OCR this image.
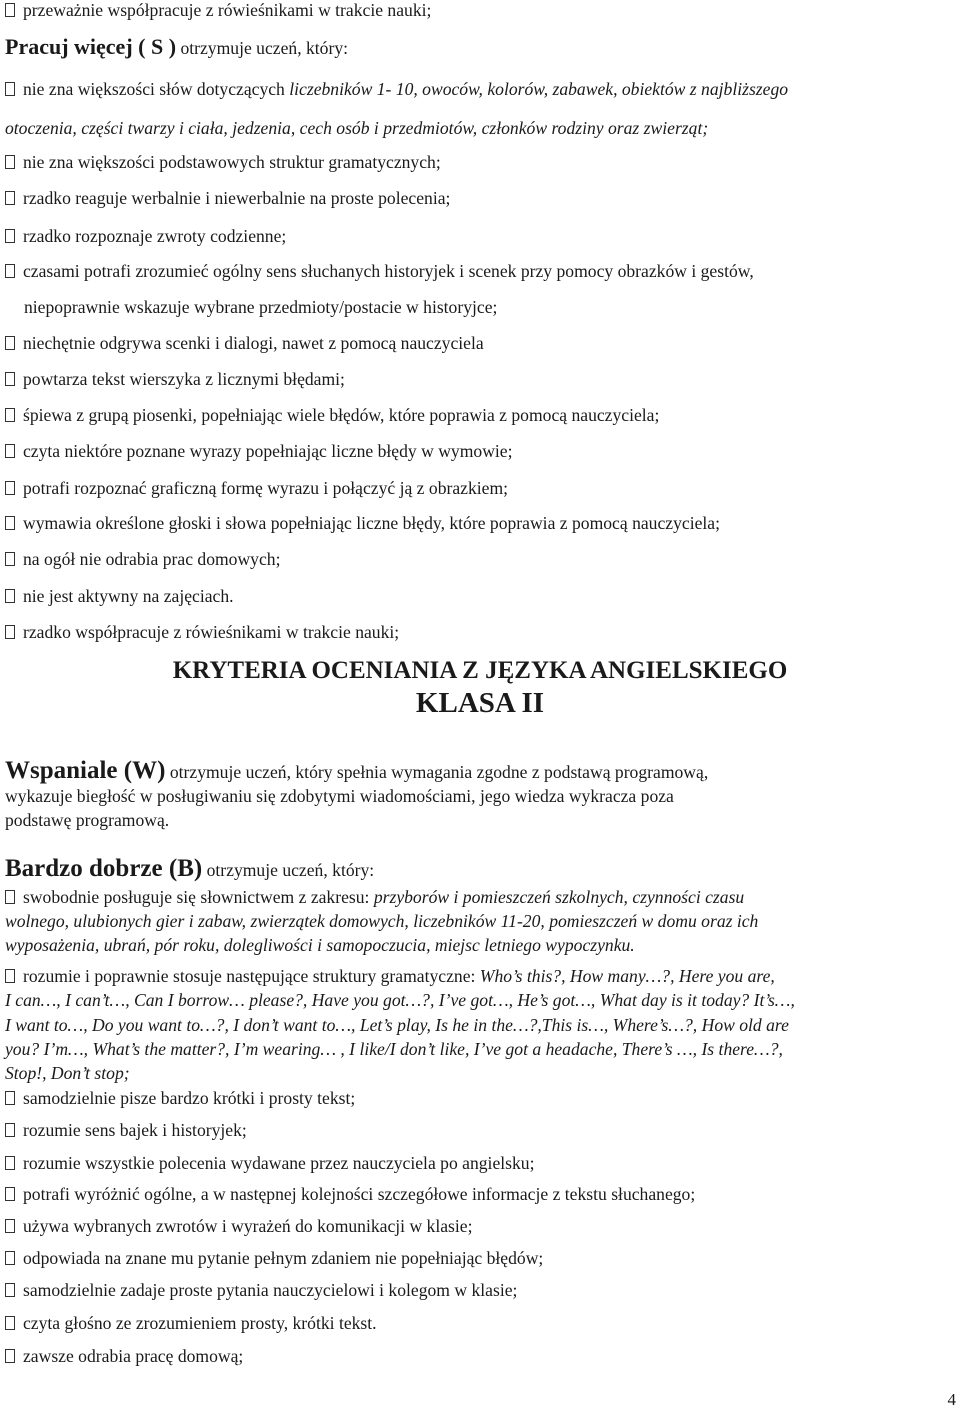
przeważnie współpracuje z rówieśnikami w trakcie nauki;
Pracuj więcej ( S ) otrzymuje uczeń, który:
nie zna większości słów dotyczących liczebników 1- 10, owoców, kolorów, zabawek, obiektów z najbliższego
otoczenia, części twarzy i ciała, jedzenia, cech osób i przedmiotów, członków rodziny oraz zwierząt;
nie zna większości podstawowych struktur gramatycznych;
rzadko reaguje werbalnie i niewerbalnie na proste polecenia;
rzadko rozpoznaje zwroty codzienne;
czasami potrafi zrozumieć ogólny sens słuchanych historyjek i scenek przy pomocy obrazków i gestów,
niepoprawnie wskazuje wybrane przedmioty/postacie w historyjce;
niechętnie odgrywa scenki i dialogi, nawet z pomocą nauczyciela
powtarza tekst wierszyka z licznymi błędami;
śpiewa z grupą piosenki, popełniając wiele błędów, które poprawia z pomocą nauczyciela;
czyta niektóre poznane wyrazy popełniając liczne błędy w wymowie;
potrafi rozpoznać graficzną formę wyrazu i połączyć ją z obrazkiem;
wymawia określone głoski i słowa popełniając liczne błędy, które poprawia z pomocą nauczyciela;
na ogół nie odrabia prac domowych;
nie jest aktywny na zajęciach.
rzadko współpracuje z rówieśnikami w trakcie nauki;
KRYTERIA OCENIANIA Z JĘZYKA ANGIELSKIEGO
KLASA II
Wspaniale (W) otrzymuje uczeń, który spełnia wymagania zgodne z podstawą programową,
wykazuje biegłość w posługiwaniu się zdobytymi wiadomościami, jego wiedza wykracza poza
podstawę programową.
Bardzo dobrze (B) otrzymuje uczeń, który:
swobodnie posługuje się słownictwem z zakresu: przyborów i pomieszczeń szkolnych, czynności czasu
wolnego, ulubionych gier i zabaw, zwierzątek domowych, liczebników 11-20, pomieszczeń w domu oraz ich
wyposażenia, ubrań, pór roku, dolegliwości i samopoczucia, miejsc letniego wypoczynku.
rozumie i poprawnie stosuje następujące struktury gramatyczne: Who’s this?, How many…?, Here you are,
I can…, I can’t…, Can I borrow… please?, Have you got…?, I’ve got…, He’s got…, What day is it today? It’s…,
I want to…, Do you want to…?, I don’t want to…, Let’s play, Is he in the…?,This is…, Where’s…?, How old are
you? I’m…, What’s the matter?, I’m wearing… , I like/I don’t like, I’ve got a headache, There’s …, Is there…?,
Stop!, Don’t stop;
samodzielnie pisze bardzo krótki i prosty tekst;
rozumie sens bajek i historyjek;
rozumie wszystkie polecenia wydawane przez nauczyciela po angielsku;
potrafi wyróżnić ogólne, a w następnej kolejności szczegółowe informacje z tekstu słuchanego;
używa wybranych zwrotów i wyrażeń do komunikacji w klasie;
odpowiada na znane mu pytanie pełnym zdaniem nie popełniając błędów;
samodzielnie zadaje proste pytania nauczycielowi i kolegom w klasie;
czyta głośno ze zrozumieniem prosty, krótki tekst.
zawsze odrabia pracę domową;
4
